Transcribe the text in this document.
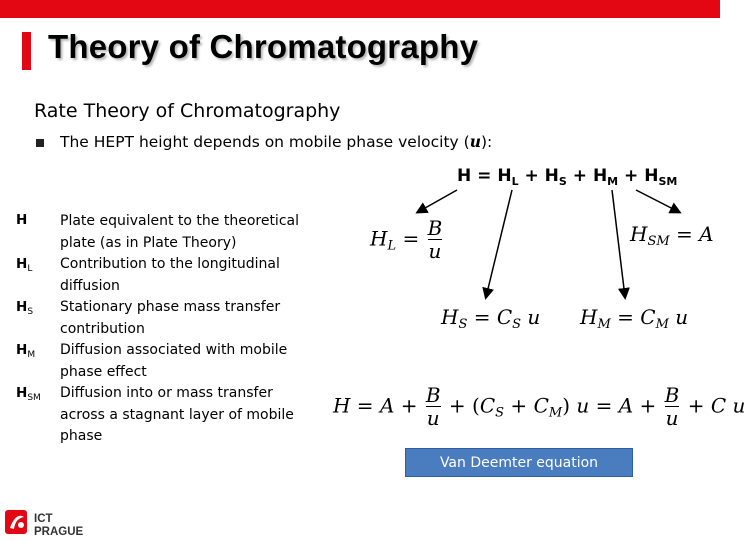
Theory of Chromatography
Rate Theory of Chromatography
The HEPT height depends on mobile phase velocity (u):
$H = H_L + H_S + H_M + H_{SM}$
H
$H_L$
$H_S$
$H_M$
$H_{SM}$
Plate equivalent to the theoretical plate (as in Plate Theory)
Contribution to the longitudinal diffusion
Stationary phase mass transfer contribution
Diffusion associated with mobile phase effect
Diffusion into or mass transfer across a stagnant layer of mobile phase
$H_L = \frac{B}{u}$	$H_{SM} = A$
$H_S = C_S$ u $H_M = C_M$ u
$H = A + \frac{B}{u} + (C_S + C_M) u = A + \frac{B}{u} + C$ u
Van Deemter equation
ICT
PRAGUE
